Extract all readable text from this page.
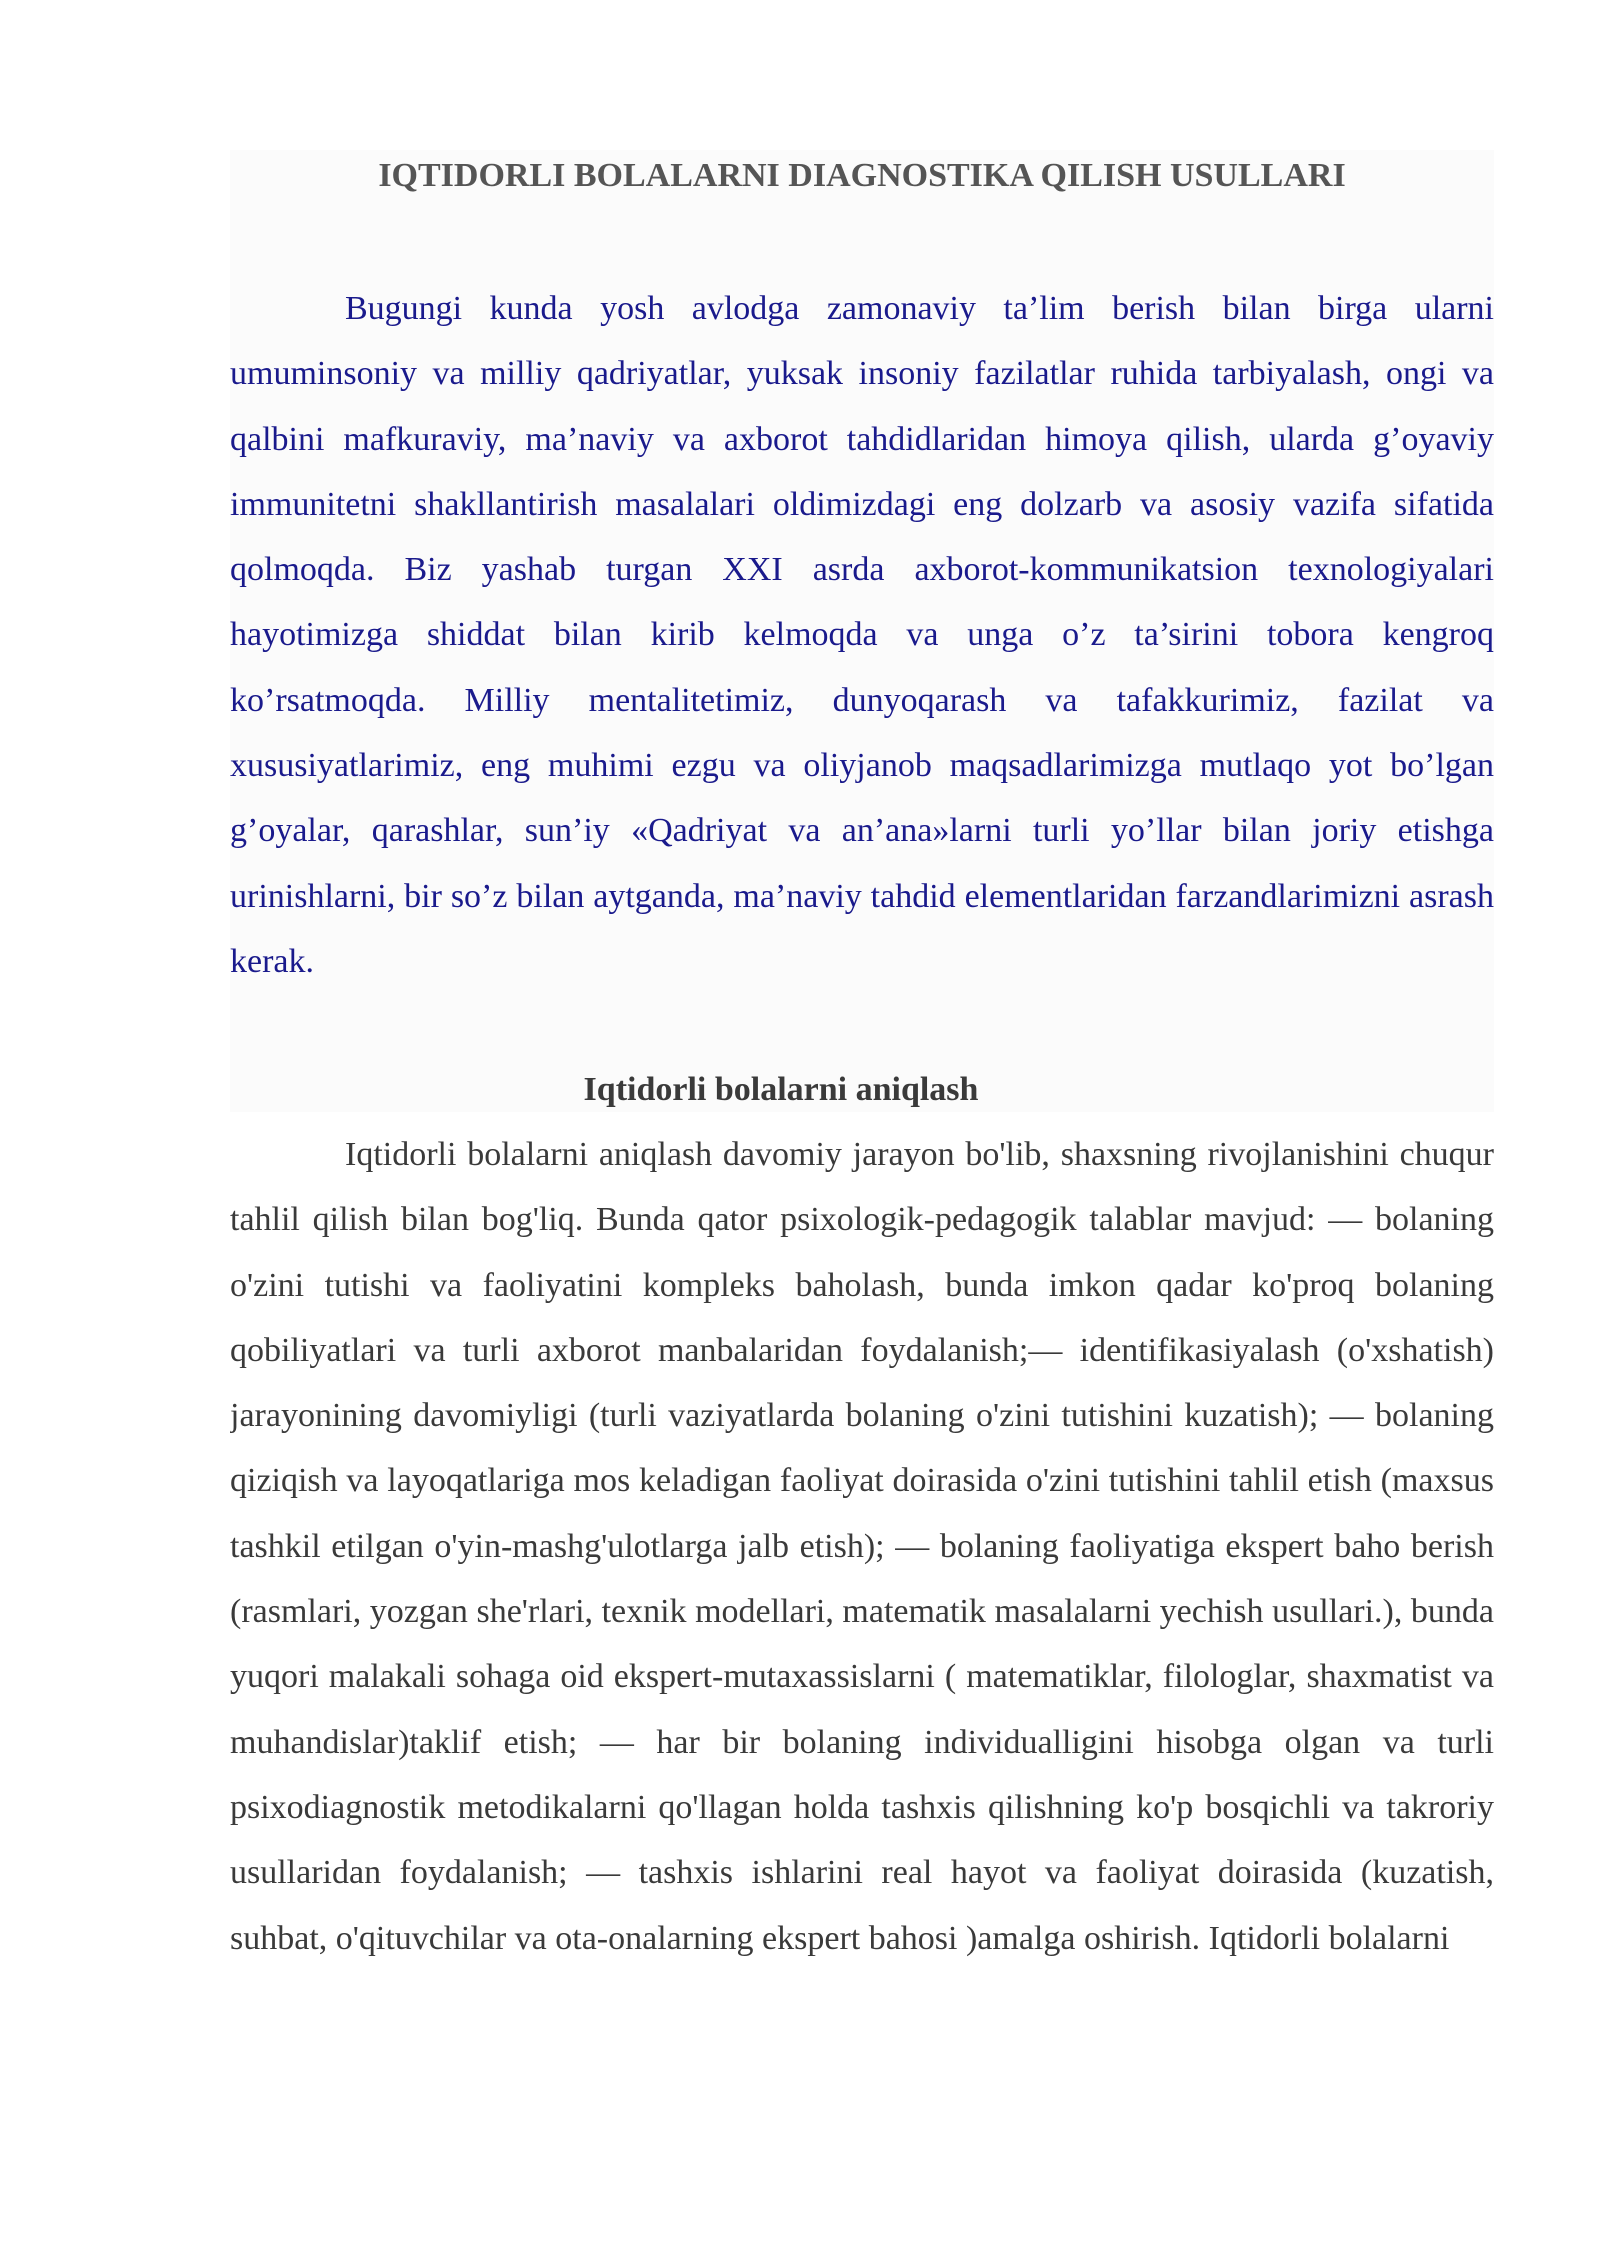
IQTIDORLI BOLALARNI DIAGNOSTIKA QILISH USULLARI

Bugungi kunda yosh avlodga zamonaviy ta’lim berish bilan birga ularni umuminsoniy va milliy qadriyatlar, yuksak insoniy fazilatlar ruhida tarbiyalash, ongi va qalbini mafkuraviy, ma’naviy va axborot tahdidlaridan himoya qilish, ularda g’oyaviy immunitetni shakllantirish masalalari oldimizdagi eng dolzarb va asosiy vazifa sifatida qolmoqda. Biz yashab turgan XXI asrda axborot-kommunikatsion texnologiyalari hayotimizga shiddat bilan kirib kelmoqda va unga o’z ta’sirini tobora kengroq ko’rsatmoqda. Milliy mentalitetimiz, dunyoqarash va tafakkurimiz, fazilat va xususiyatlarimiz, eng muhimi ezgu va oliyjanob maqsadlarimizga mutlaqo yot bo’lgan g’oyalar, qarashlar, sun’iy «Qadriyat va an’ana»larni turli yo’llar bilan joriy etishga urinishlarni, bir so’z bilan aytganda, ma’naviy tahdid elementlaridan farzandlarimizni asrash kerak.

Iqtidorli bolalarni aniqlash

Iqtidorli bolalarni aniqlash davomiy jarayon bo'lib, shaxsning rivojlanishini chuqur tahlil qilish bilan bog'liq. Bunda qator psixologik-pedagogik talablar mavjud: — bolaning o'zini tutishi va faoliyatini kompleks baholash, bunda imkon qadar ko'proq bolaning qobiliyatlari va turli axborot manbalaridan foydalanish;— identifikasiyalash (o'xshatish) jarayonining davomiyligi (turli vaziyatlarda bolaning o'zini tutishini kuzatish); — bolaning qiziqish va layoqatlariga mos keladigan faoliyat doirasida o'zini tutishini tahlil etish (maxsus tashkil etilgan o'yin-mashg'ulotlarga jalb etish); — bolaning faoliyatiga ekspert baho berish (rasmlari, yozgan she'rlari, texnik modellari, matematik masalalarni yechish usullari.), bunda yuqori malakali sohaga oid ekspert-mutaxassislarni ( matematiklar, filologlar, shaxmatist va muhandislar)taklif etish; — har bir bolaning individualligini hisobga olgan va turli psixodiagnostik metodikalarni qo'llagan holda tashxis qilishning ko'p bosqichli va takroriy usullaridan foydalanish; — tashxis ishlarini real hayot va faoliyat doirasida (kuzatish, suhbat, o'qituvchilar va ota-onalarning ekspert bahosi )amalga oshirish. Iqtidorli bolalarni
